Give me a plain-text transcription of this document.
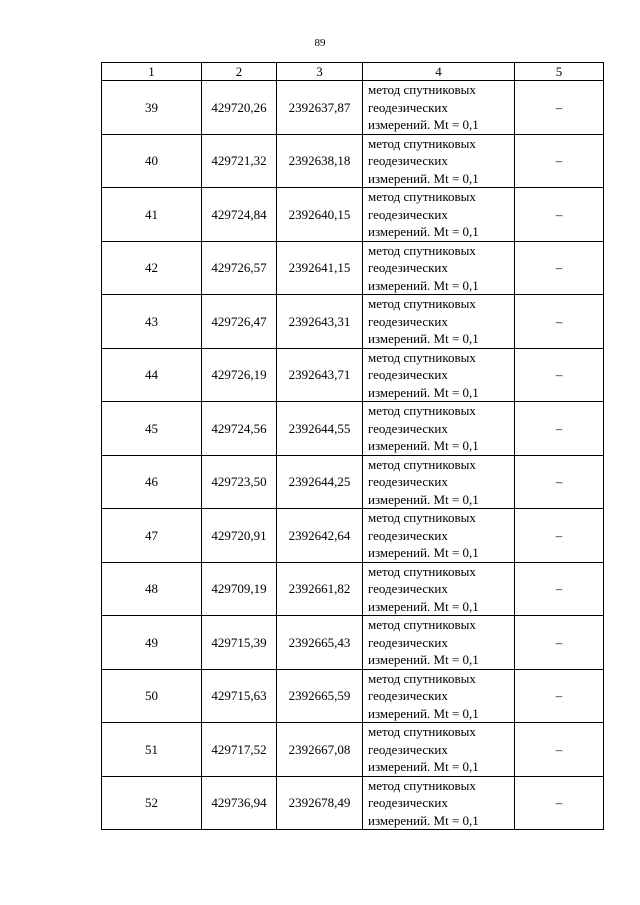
89
1	2	3	4	5
39	429720,26	2392637,87	метод спутниковых
геодезических
измерений. Mt = 0,1	–
40	429721,32	2392638,18	метод спутниковых
геодезических
измерений. Mt = 0,1	–
41	429724,84	2392640,15	метод спутниковых
геодезических
измерений. Mt = 0,1	–
42	429726,57	2392641,15	метод спутниковых
геодезических
измерений. Mt = 0,1	–
43	429726,47	2392643,31	метод спутниковых
геодезических
измерений. Mt = 0,1	–
44	429726,19	2392643,71	метод спутниковых
геодезических
измерений. Mt = 0,1	–
45	429724,56	2392644,55	метод спутниковых
геодезических
измерений. Mt = 0,1	–
46	429723,50	2392644,25	метод спутниковых
геодезических
измерений. Mt = 0,1	–
47	429720,91	2392642,64	метод спутниковых
геодезических
измерений. Mt = 0,1	–
48	429709,19	2392661,82	метод спутниковых
геодезических
измерений. Mt = 0,1	–
49	429715,39	2392665,43	метод спутниковых
геодезических
измерений. Mt = 0,1	–
50	429715,63	2392665,59	метод спутниковых
геодезических
измерений. Mt = 0,1	–
51	429717,52	2392667,08	метод спутниковых
геодезических
измерений. Mt = 0,1	–
52	429736,94	2392678,49	метод спутниковых
геодезических
измерений. Mt = 0,1	–
